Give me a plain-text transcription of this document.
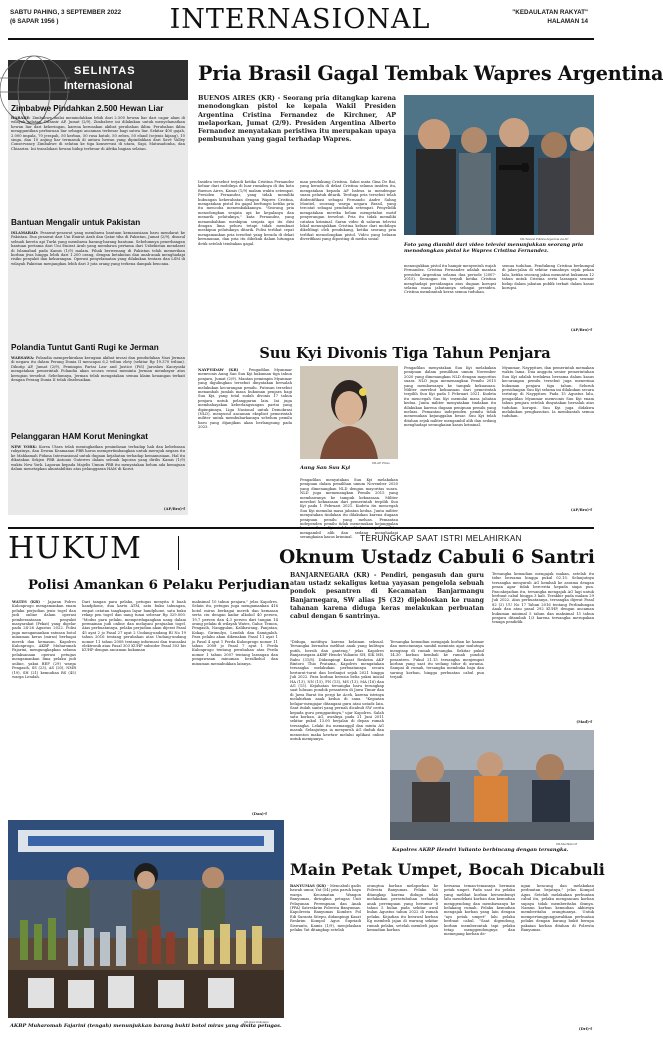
SABTU PAHING, 3 SEPTEMBER 2022
(6 SAPAR 1956 )	INTERNASIONAL	"KEDAULATAN RAKYAT"
HALAMAN 14
SELINTAS
Internasional
Zimbabwe Pindahkan 2.500 Hewan Liar
HARARE: Zimbabwe mulai memindahkan lebih dari 2.500 hewan liar dari cagar alam di wilayah selatan. Dilansir AP, Jumat (2/9), Zimbabwe ini dilakukan untuk menyelamatkan hewan liar dari kekeringan, karena kerusakan akibat perubahan iklim. Perubahan iklim menggantikan perburuan liar sebagai ancaman terbesar bagi satwa liar. Sekitar 400 gajah, 2.000 impala, 70 jerapah, 50 kerbau, 50 rusa kutub, 50 zebra, 50 eland (sejenis kijang), 10 singa, dan 10 anjing liar termasuk di antara hewan yang dipindahkan dari Savé Valley Conservancy Zimbabwe di selatan ke tiga konservasi di utara, Sapi, Matusadonha, dan Chizarira. Ini translokasi hewan hidup terbesar di Afrika bagian selatan.
Bantuan Mengalir untuk Pakistan
ISLAMABAD: Pesawat-pesawat yang membawa bantuan kemanusiaan baru mendarat ke Pakistan. Dua pesawat dari Uni Emirat Arab dan Qatar tiba di Pakistan, Jumat (2/9), disusul sebuah kereta api Turki yang membawa barang-barang bantuan. Sebelumnya penerbangan bantuan pertama dari Uni Emirat Arab yang membawa pertama dari Uzbekistan mendarat di Islamabad pada Kamis (1/9) malam. Pihak berwenang di Pakistan telah memerikan korban jiwa hingga lebih dari 1.200 orang, dengan ketakutan dan anak-anak menghadapi risiko penyakit dan kekurangan. Operasi penyelamatan yang dilakukan tentara dan LSM di wilayah Pakistan menjangkau lebih dari 3 juta orang yang terkena dampak bencana.
Polandia Tuntut Ganti Rugi ke Jerman
WARSAWA: Polandia memperkirakan kerugian akibat invasi dan pendudukan Nazi Jerman di negara itu dalam Perang Dunia II mencapai 6,2 triliun zloty (sekitar Rp 19.370 triliun). Dikutip AP, Jumat (2/9), Pemimpin Partai Law and Justice (PiS) Jaroslaw Kaczynski mengatakan pemerintah Polandia akan secara resmi meminta Jerman membayar atas kerugian tersebut. Sebelumnya, Jerman telah mengatakan semua klaim keuangan terkait dengan Perang Dunia II telah diselesaikan.
Pelanggaran HAM Korut Meningkat
NEW YORK: Korea Utara telah meningkatkan penindasan terhadap hak dan kebebasan rakyatnya, dan Dewan Keamanan PBB harus mempertimbangkan untuk merujuk negara itu ke Mahkamah Pidana Internasional untuk dugaan kejahatan terhadap kemanusiaan. Hal itu dikatakan Sekjen PBB Antonio Guterres dalam sebuah laporan yang dirilis Kamis (1/9) waktu New York. Laporan kepada Majelis Umum PBB itu menyatakan belum ada kemajuan dalam menetapkan akuntabilitas atas pelanggaran HAM di Korut.
(AP/Bro)-f
Pria Brasil Gagal Tembak Wapres Argentina
BUENOS AIRES (KR) - Seorang pria ditangkap karena menodongkan pistol ke kepala Wakil Presiden Argentina Cristina Fernandez de Kirchner, AP melaporkan, Jumat (2/9). Presiden Argentina Alberto Fernandez menyatakan peristiwa itu merupakan upaya pembunuhan yang gagal terhadap Wapres.
Insiden tersebut terjadi ketika Cristina Fernandez keluar dari mobilnya di luar rumahnya di ibu kota Buenos Aires, Kamis (1/9) malam waktu setempat. Presiden Fernandez, yang tidak memiliki hubungan kekerabatan dengan Wapres Cristina, mengatakan pistol itu gagal berfungsi ketika pria itu mencoba menembakkannya. "Seorang pria menodongkan senjata api ke kepalanya dan menarik pelatuknya," kata Fernandez, yang menambahkan meskipun senjata api itu diisi dengan lima peluru tetapi tidak membuat meskipun pelatuknya ditarik. Polisi terlihat cepat mengamankan pria tersebut yang berada di dekat kerumunan, dan pria itu dibekuk dalam hitungan detik setelah tembakan gagal.
man pendukung Cristina. Saksi mata Gina De Bai, yang berada di dekat Cristina selama insiden itu, mengatakan kepada AP bahwa ia mendengar suara pelatuk ditarik. Terduga pria tersebut telah diidentifikasi sebagai Fernando Andre Sabag Montiel, seorang warga negara Brasil, yang tercatat sebagai penduduk setempat. Penyelidik mengatakan mereka belum mengetahui motif penyerangan tersebut. Pria itu tidak memiliki catatan kriminal. Saran video di saluran televisi lokal menunjukkan Cristina keluar dari mobilnya dikelilingi oleh pendukung, ketika seorang pria terlihat menodongkan pistol. Video yang beluam diverifikasi yang diposting di media sosial	KR-Televisi Publica Argentina via AP
Foto yang diambil dari video televisi menunjukkan seorang pria menodongkan pistol ke Wapres Cristina Fernandez.
menunjukkan pistol itu hampir menyentuh wajah Fernandez. Cristina Fernandez adalah mantan presiden Argentina selama dua periode (2007-2015). Serangan itu terjadi ketika Cristina menghadapi persidangan atas dugaan korupsi selama masa jabatannya sebagai presiden. Cristina membantah keras semua tuduhan.
semua tuduhan. Pendukung Cristina berkumpul di jalan-jalan di sekitar rumahnya sejak pekan lalu, ketika seorang jaksa menuntut hukuman 12 tahun untuk Cristina serta larangan seumur hidup dalam jabatan publik terkait dalam kasus korupsi.
(AP/Bro)-f
Suu Kyi Divonis Tiga Tahun Penjara
NAYPYIDAW (KR) - Pengadilan Myanmar memvonis Aung San Suu Kyi hukuman tiga tahun penjara, Jumat (2/9). Mantan pemimpin Myanmar yang digulingkan tersebut dinyatakan bersalah melakukan kecurangan pemilu. Putusan tersebut menambah jumlah masa hukuman penjara bagi Suu Kyi, yang total sudah divonis 17 tahun penjara untuk pelanggaran lain. Ini juga membahayakan keberlangsungan partai yang dipimpinnya, Liga Nasional untuk Demokrasi (NLD), menyusul ancaman eksplisit pemerintah militer untuk membubarkannya sebelum pemilu baru yang dijanjikan akan berlangsung pada 2023.
KR-AP Photo
Aung San Suu Kyi
Pengadilan menyatakan Suu Kyi melakukan penipuan dalam pemilihan umum November 2020 yang dimenangkan NLD dengan mayoritas suara. NLD juga memenangkan Pemilu 2015 yang membawanya ke tampuk kekuasaan. Militer merebut kekuasaan dari pemerintah terpilih Suu Kyi pada 1 Februari 2021. Kudeta itu mencegah Suu Kyi memulai masa jabatan kedua. Junta militer menyatakan tindakan itu dilakukan karena dugaan penipuan pemilu yang meluas. Pemantau independen pemilu tidak menemukan kejanggalan mengambil alih dan sedang menghadapi serangkaian kasus kriminal.
Pengadilan menyatakan Suu Kyi melakukan penipuan dalam pemilihan umum November 2020 yang dimenangkan NLD dengan mayoritas suara. NLD juga memenangkan Pemilu 2015 yang membawanya ke tampuk kekuasaan. Militer merebut kekuasaan dari pemerintah terpilih Suu Kyi pada 1 Februari 2021. Kudeta itu mencegah Suu Kyi memulai masa jabatan kedua. Junta militer menyatakan tindakan itu dilakukan karena dugaan penipuan pemilu yang meluas. Pemantau independen pemilu tidak menemukan kejanggalan besar. Suu Kyi telah ditahan sejak militer mengambil alih dan sedang menghadapi serangkaian kasus kriminal.
Myanmar, Naypyitaw, dan pemerintah memakan waktu lama. Dua anggota senior pemerintahan Suu Kyi adalah terdakwa bersama dalam kasus kecurangan pemilu tersebut juga menerima hukuman penjara tiga tahun. Seluruh persidangan Suu Kyi selama ini dilakukan secara tertutup di Naypyitaw. Pada 15 Agustus lalu, pengadilan Myanmar memvonis Suu Kyi enam tahun penjara setelah dinyatakan bersalah atas tuduhan korupsi. Suu Kyi juga didakwa melakukan penghasutan. Ia membantah semua tuduhan.
(AP/Bro)-f
HUKUM
Polisi Amankan 6 Pelaku Perjudian
WATES (KR) - Jajaran Polres Kulonprogo mengamankan enam pelaku perjudian jenis togel dan judi online dalam operasi pemberantasan penyakit masyarakat (Pekat) yang digelar pada 24-26 Agustus 2022. Polisi juga mengamankan ratusan botol minuman keras (miras) berbagai merek dan kemasan. Kapolres Kulonprogo, AKBP Muharomah Fajarini, mengungkapkan selama pelaksanaan operasi petugas mengamankan lima pelaku judi online, yakni BEP (29) warga Pengasih, SS (23), AS (20), NMR (19), SH (21) kemudian BS (45) warga Lendah.
Dari tangan para pelaku, petugas menyita 6 buah handphone, dua kartu ATM, satu buku tabungan, empat catatan tangkapan layar handphone, satu buku rekap pen togel dan uang tunai sebesar Rp 329.000. "Modus para pelaku, memperdagangkan uang dalam permainan judi online dan melayani penjualan togel. Atas perbuatannya, pelaku perjudian akan dijerat Pasal 45 ayat 2 jo Pasal 27 ayat 2 Undang-undang RI No 19 tahun 2016 tentang perubahan atas Undang-undang nomor 11 tahun 2008 tentang informasi dan transaksi elektronik atau Pasal 303 KUHP subsider Pasal 303 bis KUHP dengan ancaman hukuman
maksimal 10 tahun penjara," jelas Kapolres. Selain itu, petugas juga mengamankan 416 botol miras berbagai merek dan kemasan serta ciu dengan kadar alkohol 40 persen, 19,7 persen dan 4,3 persen dari tangan 14 orang pelaku di wilayah Wates, Galur, Temon, Pengasih, Nanggulan, Kalibawang, Panjatan, Kokap, Girimulyo, Lendah dan Samigaluh. Para pelaku akan dikenakan Pasal 11 ayat 1 jo Pasal 4 ayat 1 Perda Kulonprogo nomor 11 tahun 2008 jo Pasal 7 ayat 1 Perda Kulonprogo tentang perubahan atas Perda nomor 1 tahun 2007 tentang larangan dan pengawasan minuman beralkohol dan minuman memabukkan lainnya.
(Dan)-f
KR-Dani Ardiyanto
AKBP Muharomah Fajarini (tengah) menunjukkan barang bukti botol miras yang disita petugas.
TERUNGKAP SAAT ISTRI MELAHIRKAN
Oknum Ustadz Cabuli 6 Santri
BANJARNEGARA (KR) - Pendiri, pengasuh dan guru atau ustadz sekaligus ketua yayasan pengelola sebuah pondok pesantren di Kecamatan Banjarmangu Banjarnegara, SW alias JS (32) dijebloskan ke ruang tahanan karena diduga keras melakukan perbuatan cabul dengan 6 santrinya.
"Diduga, motifnya karena kelainan seksual. Tersangka bernafsu melihat anak yang kulitnya putih, bersih dan ganteng," jelas Kapolres Banjarnegara AKBP Hendri Yulianto SH, SIK MH, Rabu (31/8). Didampingi Kasat Reskrim AKP Bintoro Thio Pratama, Kapolres mengatakan tersangka melakukan perbuatannya secara berturut-turut dan berlanjut sejak 2021 hingga Juli 2022. Para korban berusia belia yakni inisial HA (13), NN (15), FN (13), MS (13), MA (16) dan AG (15). Kejahatan tersangka baru terungkap saat lulusan pondok pesantren di Jawa Timur dan di Jawa Barat itu pergi ke Aceh, karena istrinya melahirkan anak kedua di sana. "Kegiatan belajar-mengajar ditangani guru atau ustadz lain. Saat itulah santri yang pernah dicabuli SW cerita kepada guru penggantinya," ujar Kapolres. Salah satu korban, AG, awalnya pada 21 Juni 2011 sekitar pukul 13.00 berjalan di depan rumah tersangka. Lelaki itu memanggil dan minta AG masuk. Selanjutnya ia menyuruh AG duduk dan menonton maka kewtaw melalui aplikasi online untuk menipunya.
Tersangka kemudian mengajak korban ke kamar dan menciumnya sambil meminta agar mulutnya mengisap di rumah tersangka. Sekitar pukul 14.30 korban kembali ke rumah pondok pesantren. Pukul 21.15 tersangka menjemput korban yang saat itu sedang tidur di asrama. Sampai di rumah, tersangka membuka baju dan sarung korban, hingga perbuatan cabul pun terjadi.
Tersangka kemudian mengajak makan, setelah itu tidur bersama hingga pukul 02.15. Selanjutnya tersangka menyuruh AG kembali ke asrama dengan pesan agar tidak bercerita kepada siapa pun. Pascakejadian itu, tersangka mengajak AG lagi untuk berbuat cabul hingga 3 kali. Terakhir pada malam 29 Juli 2022. Atas perbuatannya, tersangka dijerat Pasal 82 (2) UU No 17 Tahun 2016 tentang Perlindungan Anak dan atau pasal 292 KUHP, dengan ancaman hukuman minimal 5 tahun dan maksimal 15 tahun penjara ditambah 1/3 karena tersangka merupakan tenaga pendidik.
(Mad)-f
KR-Muchlisin M
Kapolres AKBP Hendri Yulianto berbincang dengan tersangka.
Main Petak Umpet, Bocah Dicabuli
BANYUMAS (KR) - Mencabuli gadis bawah umur, Yat (54) pria paruh baya warga Kecamatan Wangon Banyumas, diringkus petugas Unit Pelayanan Perempuan dan Anak (PPA) Satreskrim Polresta Banyumas. Kapolresta Banyumas Kombes Pol Edi Suranta Sitepu, didampingi Kasat Reskrim Kompol Agus Supriadi Siswanto, Kamis (1/9), menjelaskan pelaku Yat ditangkap setelah
orangtua korban melaporkan ke Polresta Banyumas. Pelaku Yat ditangkap karena diduga telah melakukan persetubuhan terhadap anak perempuan yang berumur 8 tahun 5 bulan pada sekitar awal bulan Agustus tahun 2022 di rumah pelaku. Kejadian itu berawal korban Kg membeli jajan di warung sekitar rumah pelaku, setelah membeli jajan kemudian korban
bersama teman-temannya bermain petak umpet. Pada saat itu pelaku yang melihat korban bersembunyi lalu mendekati korban dan kemudian menggendong dan membawanya ke belakang rumah. Pelaku kemudian mengajak korban yang lain dengan "ayo petak umpet" lalu pelaku berbuat cabul. "Saat digendong, korban memberontak tapi pelaku tetap menggendongnya dan memegang korban de-
ngan kencang dan melakukan perbuatan bejatnya," jelas Kompol Agus. Setelah melakukan perbuatan cabul itu, pelaku mengancam korban supaya tidak memberitahu ibunya. Namun korban kemudian akhirnya memberitahu orangtuanya. Untuk mempertanggungjawabkan perbuatan pelaku dengan barang bukti berupa pakaian korban ditahan di Polresta Banyumas.
(Dri)-f
